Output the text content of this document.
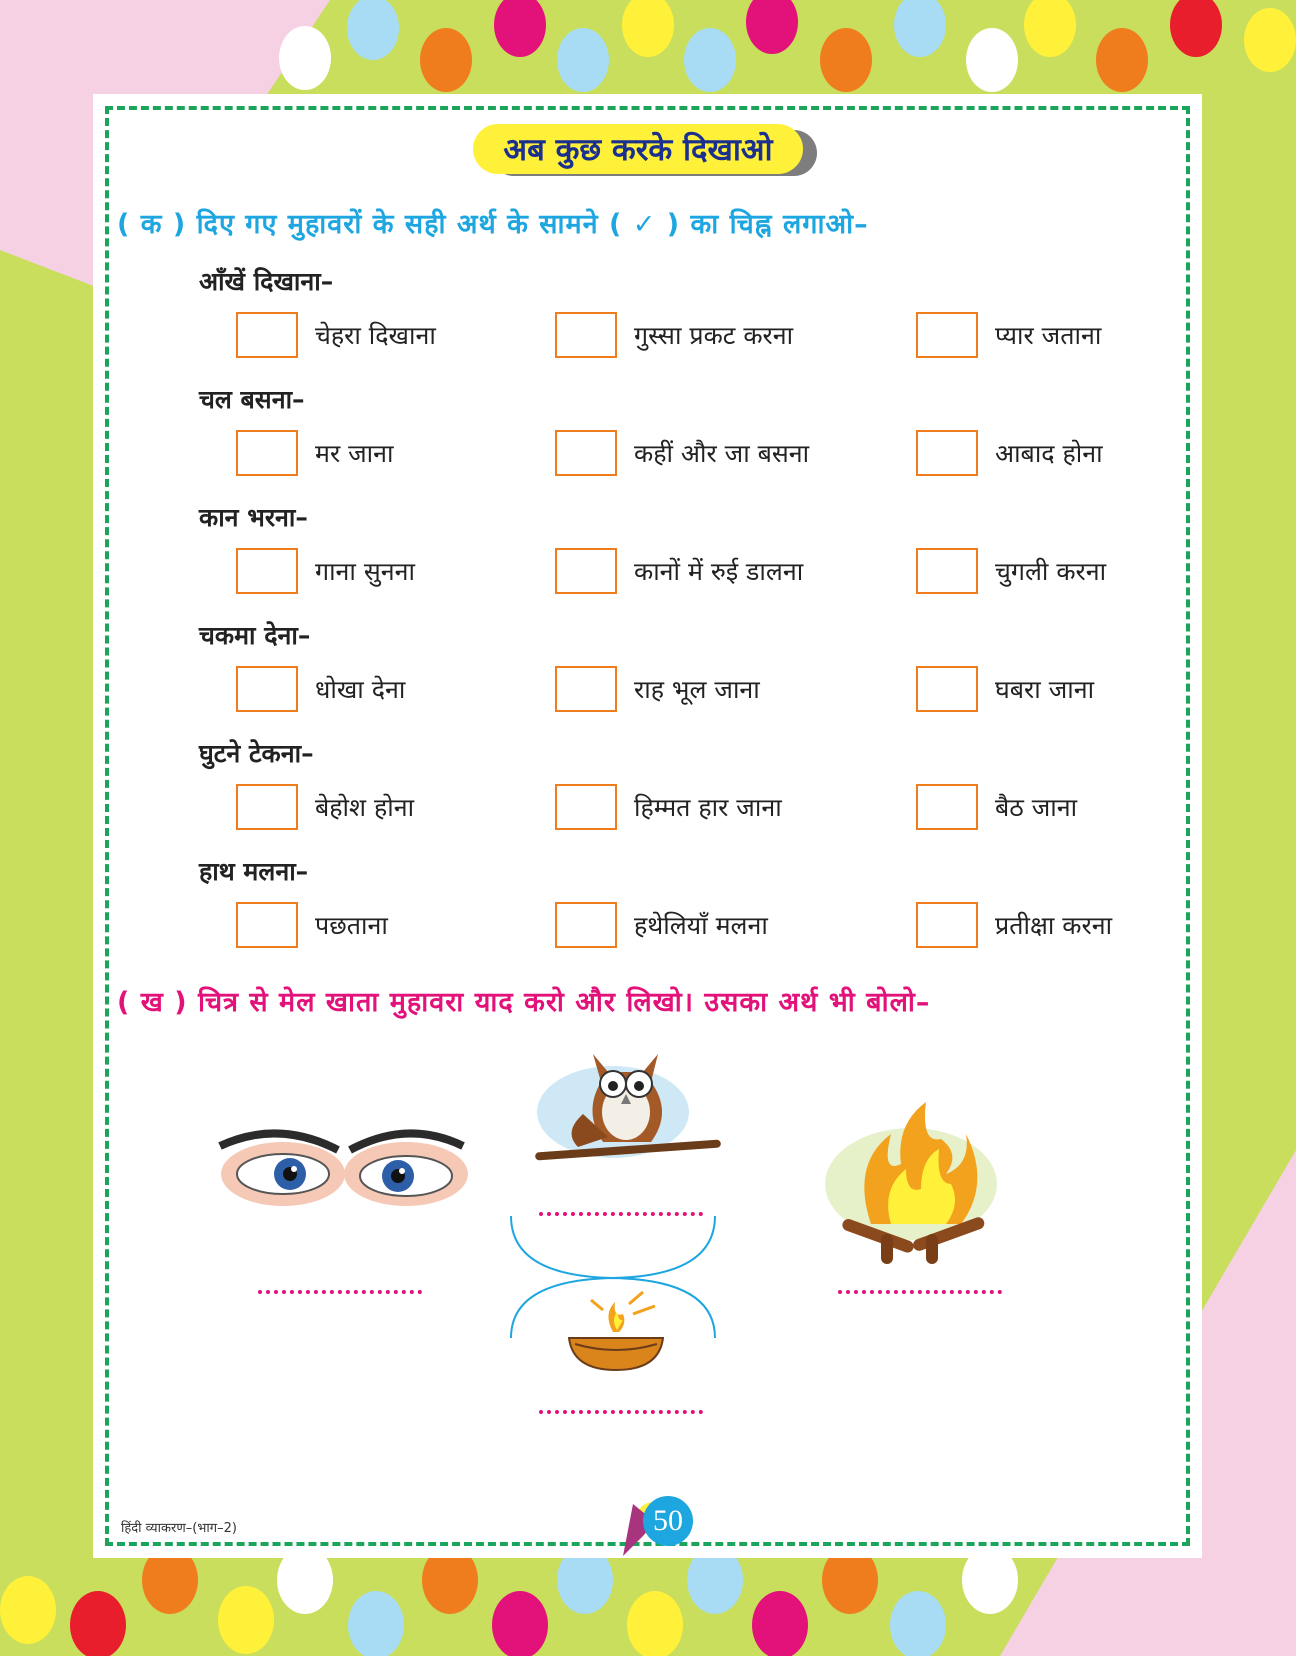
अब कुछ करके दिखाओ
( क ) दिए गए मुहावरों के सही अर्थ के सामने ( ✓ ) का चिह्न लगाओ–
आँखें दिखाना–
चेहरा दिखाना	गुस्सा प्रकट करना	प्यार जताना
चल बसना–
मर जाना	कहीं और जा बसना	आबाद होना
कान भरना–
गाना सुनना	कानों में रुई डालना	चुगली करना
चकमा देना–
धोखा देना	राह भूल जाना	घबरा जाना
घुटने टेकना–
बेहोश होना	हिम्मत हार जाना	बैठ जाना
हाथ मलना–
पछताना	हथेलियाँ मलना	प्रतीक्षा करना
( ख ) चित्र से मेल खाता मुहावरा याद करो और लिखो। उसका अर्थ भी बोलो–
हिंदी व्याकरण–(भाग–2)	50
